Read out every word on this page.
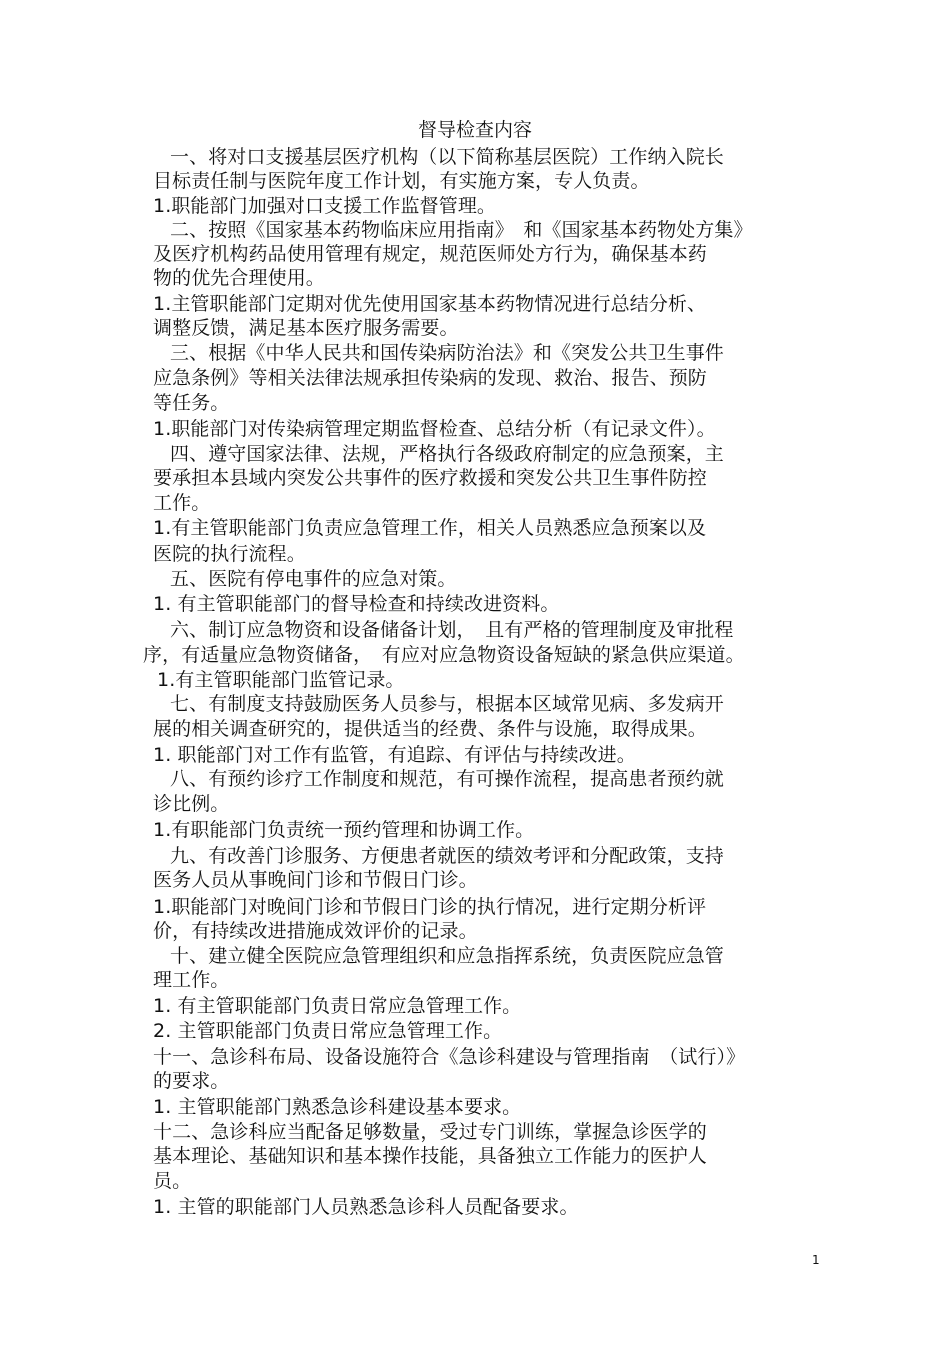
督导检查内容
一、将对口支援基层医疗机构（以下简称基层医院）工作纳入院长
目标责任制与医院年度工作计划，有实施方案，专人负责。
1.职能部门加强对口支援工作监督管理。
二、按照《国家基本药物临床应用指南》　和《国家基本药物处方集》
及医疗机构药品使用管理有规定，规范医师处方行为，确保基本药
物的优先合理使用。
1.主管职能部门定期对优先使用国家基本药物情况进行总结分析、
调整反馈，满足基本医疗服务需要。
三、根据《中华人民共和国传染病防治法》和《突发公共卫生事件
应急条例》等相关法律法规承担传染病的发现、救治、报告、预防
等任务。
1.职能部门对传染病管理定期监督检查、总结分析（有记录文件）。
四、遵守国家法律、法规，严格执行各级政府制定的应急预案，主
要承担本县域内突发公共事件的医疗救援和突发公共卫生事件防控
工作。
1.有主管职能部门负责应急管理工作，相关人员熟悉应急预案以及
医院的执行流程。
五、医院有停电事件的应急对策。
1. 有主管职能部门的督导检查和持续改进资料。
六、制订应急物资和设备储备计划，　且有严格的管理制度及审批程
序，有适量应急物资储备，　有应对应急物资设备短缺的紧急供应渠道。
1.有主管职能部门监管记录。
七、有制度支持鼓励医务人员参与，根据本区域常见病、多发病开
展的相关调查研究的，提供适当的经费、条件与设施，取得成果。
1. 职能部门对工作有监管，有追踪、有评估与持续改进。
八、有预约诊疗工作制度和规范，有可操作流程，提高患者预约就
诊比例。
1.有职能部门负责统一预约管理和协调工作。
九、有改善门诊服务、方便患者就医的绩效考评和分配政策，支持
医务人员从事晚间门诊和节假日门诊。
1.职能部门对晚间门诊和节假日门诊的执行情况，进行定期分析评
价，有持续改进措施成效评价的记录。
十、建立健全医院应急管理组织和应急指挥系统，负责医院应急管
理工作。
1. 有主管职能部门负责日常应急管理工作。
2. 主管职能部门负责日常应急管理工作。
十一、急诊科布局、设备设施符合《急诊科建设与管理指南　（试行）》
的要求。
1. 主管职能部门熟悉急诊科建设基本要求。
十二、急诊科应当配备足够数量，受过专门训练，掌握急诊医学的
基本理论、基础知识和基本操作技能，具备独立工作能力的医护人
员。
1. 主管的职能部门人员熟悉急诊科人员配备要求。
1
